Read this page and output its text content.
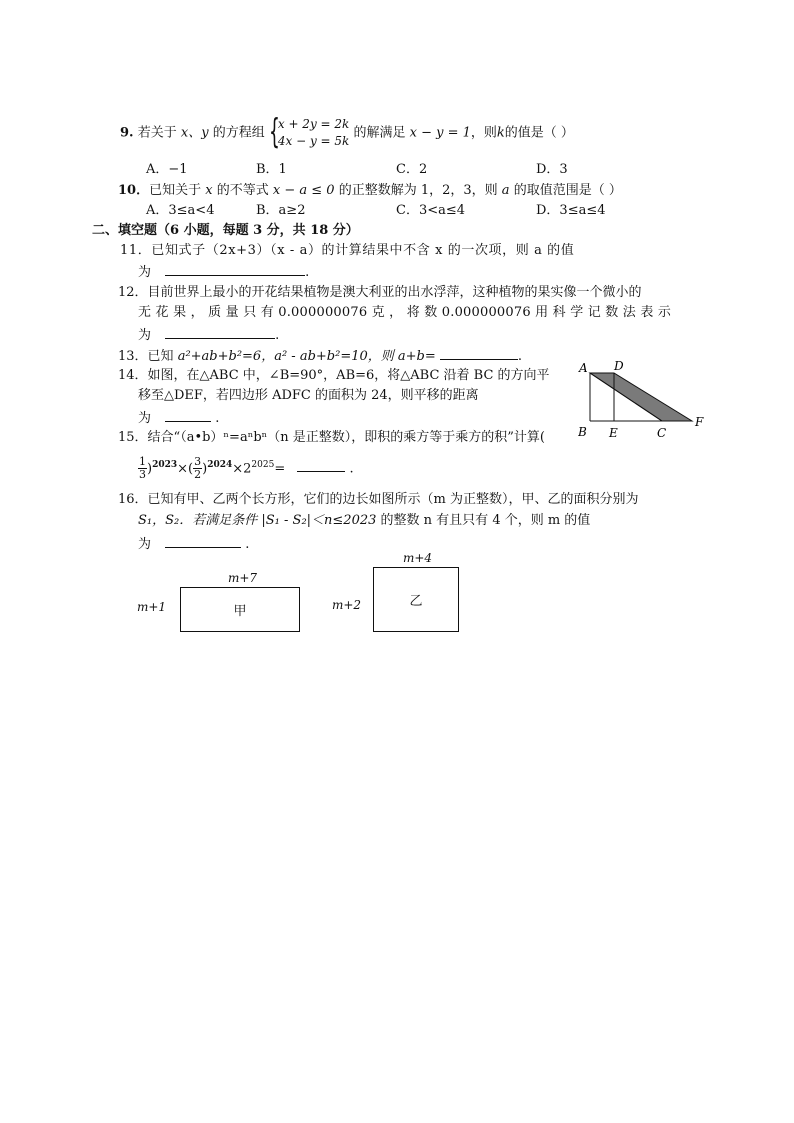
9. 若关于 x、y 的方程组 {
x + 2y = 2k
4x − y = 5k
的解满足 x − y = 1，则k的值是（ ）
A．−1	B．1	C．2	D．3
10．已知关于 x 的不等式 x − a ≤ 0 的正整数解为 1，2，3，则 a 的取值范围是（ ）
A．3≤a<4	B．a≥2	C．3<a≤4	D．3≤a≤4
二、填空题（6 小题，每题 3 分，共 18 分）
11．已知式子（2x+3）（x - a）的计算结果中不含 x 的一次项，则 a 的值
为	.
12．目前世界上最小的开花结果植物是澳大利亚的出水浮萍，这种植物的果实像一个微小的
无 花 果 ， 质 量 只 有 0.000000076 克 ， 将 数 0.000000076 用 科 学 记 数 法 表 示
为	.
13．已知 a²+ab+b²=6，a² - ab+b²=10，则 a+b=	.
14．如图，在△ABC 中，∠B=90°，AB=6，将△ABC 沿着 BC 的方向平
移至△DEF，若四边形 ADFC 的面积为 24，则平移的距离
为	.
A D
B E	C
F
15．结合“（a•b）ⁿ=aⁿbⁿ（n 是正整数），即积的乘方等于乘方的积”计算(
$\frac{1}{3} )^{2023}\times( \frac{3}{2} )^{2024}\times 2^{2025}=$	.
16．已知有甲、乙两个长方形，它们的边长如图所示（m 为正整数），甲、乙的面积分别为
S₁，S₂．若满足条件 |S₁ - S₂|＜n≤2023 的整数 n 有且只有 4 个，则 m 的值
为	.
m+7
m+1	甲
m+4
m+2	乙
